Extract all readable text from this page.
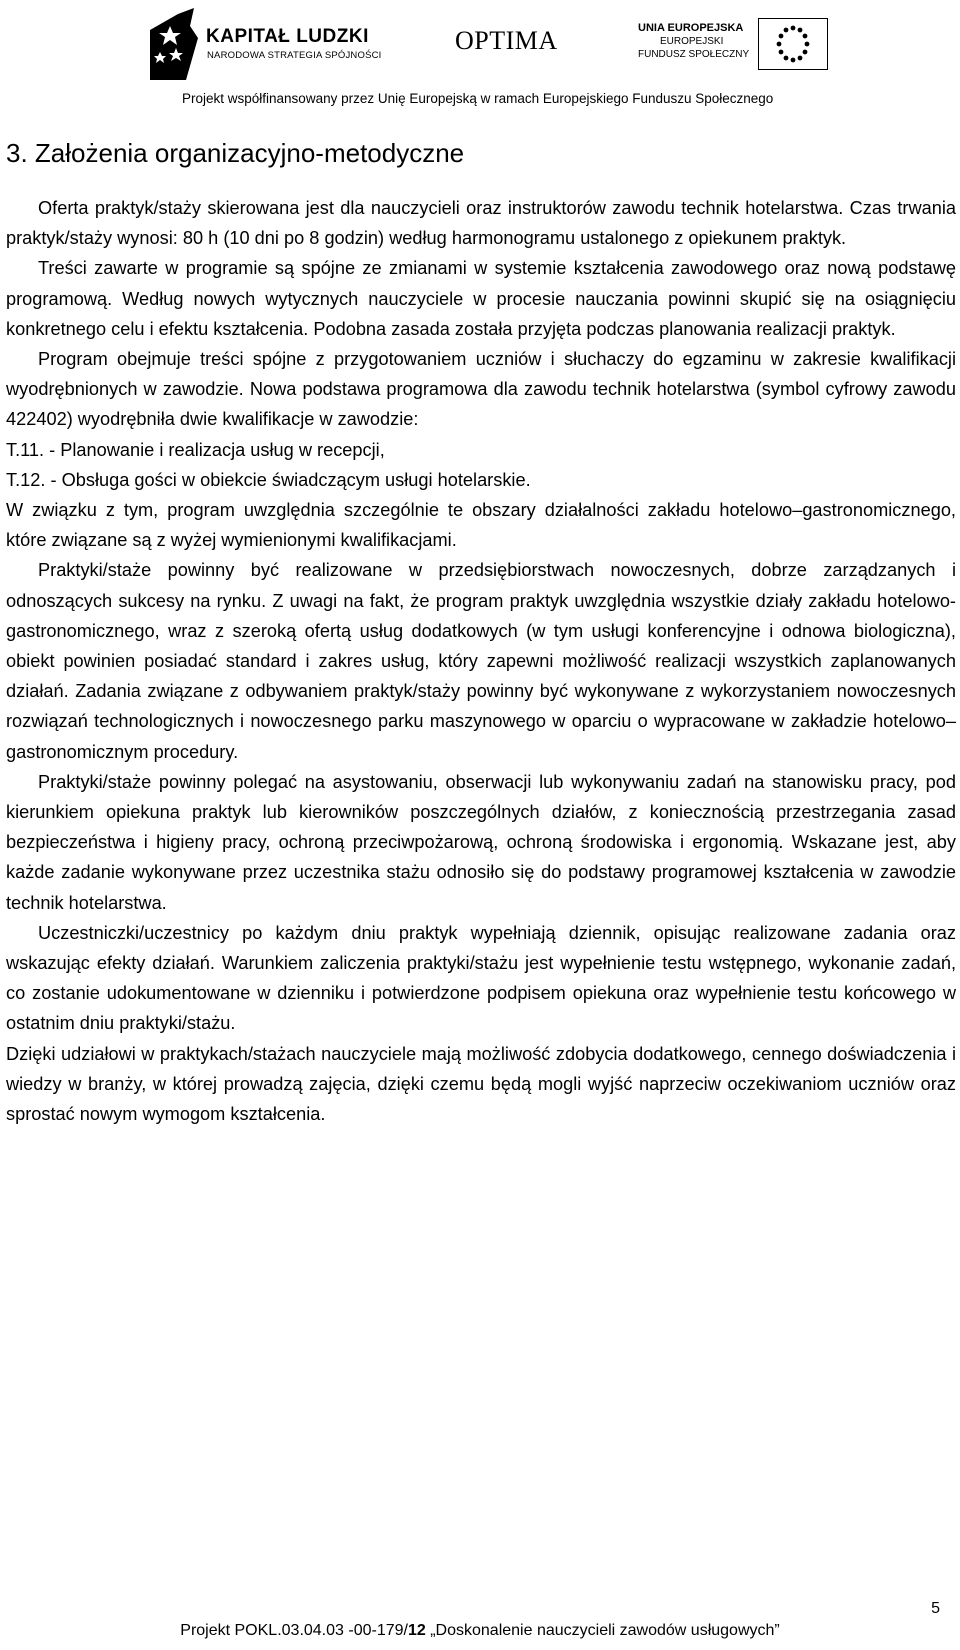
KAPITAŁ LUDZKI
NARODOWA STRATEGIA SPÓJNOŚCI
OPTIMA	UNIA EUROPEJSKA
EUROPEJSKI
FUNDUSZ SPOŁECZNY
Projekt współfinansowany przez Unię Europejską w ramach Europejskiego Funduszu Społecznego
3. Założenia organizacyjno-metodyczne

Oferta praktyk/staży skierowana jest dla nauczycieli oraz instruktorów zawodu technik hotelarstwa. Czas trwania praktyk/staży wynosi: 80 h (10 dni po 8 godzin) według harmonogramu ustalonego z opiekunem praktyk.

Treści zawarte w programie są spójne ze zmianami w systemie kształcenia zawodowego oraz nową podstawę programową. Według nowych wytycznych nauczyciele w procesie nauczania powinni skupić się na osiągnięciu konkretnego celu i efektu kształcenia. Podobna zasada została przyjęta podczas planowania realizacji praktyk.

Program obejmuje treści spójne z przygotowaniem uczniów i słuchaczy do egzaminu w zakresie kwalifikacji wyodrębnionych w zawodzie. Nowa podstawa programowa dla zawodu technik hotelarstwa (symbol cyfrowy zawodu 422402) wyodrębniła dwie kwalifikacje w zawodzie:

T.11. - Planowanie i realizacja usług w recepcji,

T.12. - Obsługa gości w obiekcie świadczącym usługi hotelarskie.

W związku z tym, program uwzględnia szczególnie te obszary działalności zakładu hotelowo–gastronomicznego, które związane są z wyżej wymienionymi kwalifikacjami.

Praktyki/staże powinny być realizowane w przedsiębiorstwach nowoczesnych, dobrze zarządzanych i odnoszących sukcesy na rynku. Z uwagi na fakt, że program praktyk uwzględnia wszystkie działy zakładu hotelowo-gastronomicznego, wraz z szeroką ofertą usług dodatkowych (w tym usługi konferencyjne i odnowa biologiczna), obiekt powinien posiadać standard i zakres usług, który zapewni możliwość realizacji wszystkich zaplanowanych działań. Zadania związane z odbywaniem praktyk/staży powinny być wykonywane z wykorzystaniem nowoczesnych rozwiązań technologicznych i nowoczesnego parku maszynowego w oparciu o wypracowane w zakładzie hotelowo–gastronomicznym procedury.

Praktyki/staże powinny polegać na asystowaniu, obserwacji lub wykonywaniu zadań na stanowisku pracy, pod kierunkiem opiekuna praktyk lub kierowników poszczególnych działów, z koniecznością przestrzegania zasad bezpieczeństwa i higieny pracy, ochroną przeciwpożarową, ochroną środowiska i ergonomią. Wskazane jest, aby każde zadanie wykonywane przez uczestnika stażu odnosiło się do podstawy programowej kształcenia w zawodzie technik hotelarstwa.

Uczestniczki/uczestnicy po każdym dniu praktyk wypełniają dziennik, opisując realizowane zadania oraz wskazując efekty działań. Warunkiem zaliczenia praktyki/stażu jest wypełnienie testu wstępnego, wykonanie zadań, co zostanie udokumentowane w dzienniku i potwierdzone podpisem opiekuna oraz wypełnienie testu końcowego w ostatnim dniu praktyki/stażu.

Dzięki udziałowi w praktykach/stażach nauczyciele mają możliwość zdobycia dodatkowego, cennego doświadczenia i wiedzy w branży, w której prowadzą zajęcia, dzięki czemu będą mogli wyjść naprzeciw oczekiwaniom uczniów oraz sprostać nowym wymogom kształcenia.

5
Projekt POKL.03.04.03 -00-179/12 „Doskonalenie nauczycieli zawodów usługowych”
